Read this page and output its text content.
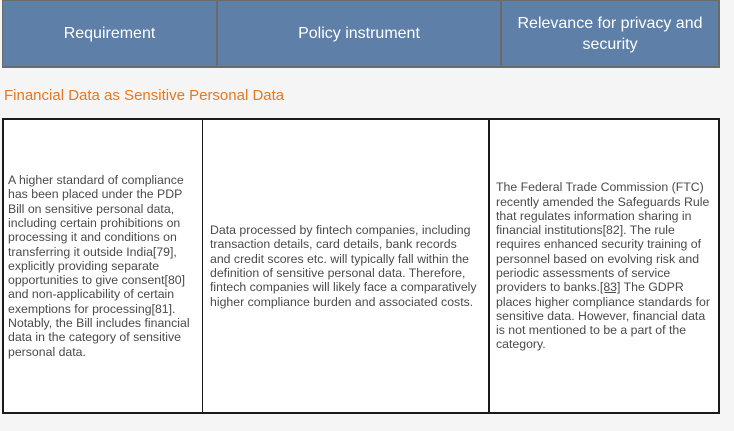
Requirement	Policy instrument
Relevance for privacy and security
Financial Data as Sensitive Personal Data
A higher standard of compliance has been placed under the PDP Bill on sensitive personal data, including certain prohibitions on processing it and conditions on transferring it outside India[79], explicitly providing separate opportunities to give consent[80] and non-applicability of certain exemptions for processing[81]. Notably, the Bill includes financial data in the category of sensitive personal data.
Data processed by fintech companies, including transaction details, card details, bank records and credit scores etc. will typically fall within the definition of sensitive personal data. Therefore, fintech companies will likely face a comparatively higher compliance burden and associated costs.
The Federal Trade Commission (FTC) recently amended the Safeguards Rule that regulates information sharing in financial institutions[82]. The rule requires enhanced security training of personnel based on evolving risk and periodic assessments of service providers to banks.[83] The GDPR places higher compliance standards for sensitive data. However, financial data is not mentioned to be a part of the category.
